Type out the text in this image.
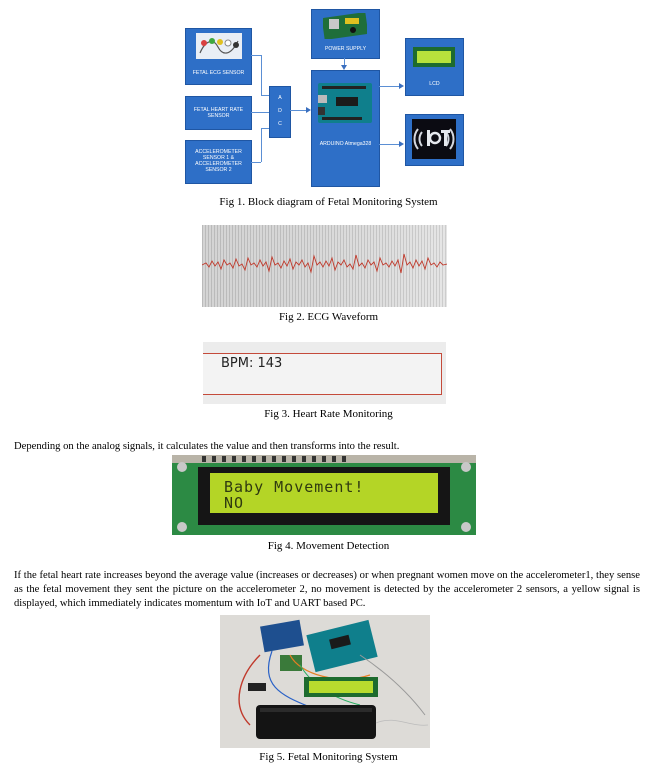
FETAL ECG SENSOR
FETAL HEART RATE SENSOR
ACCELEROMETER SENSOR 1 & ACCELEROMETER SENSOR 2
A
D
C
POWER SUPPLY
ARDUINO Atmega328
LCD
Fig 1. Block diagram of Fetal Monitoring System
Fig 2. ECG Waveform
BPM: 143
Fig 3. Heart Rate Monitoring
Depending on the analog signals, it calculates the value and then transforms into the result.
Baby Movement!
NO
Fig 4. Movement Detection
If the fetal heart rate increases beyond the average value (increases or decreases) or when pregnant women move on the accelerometer1, they sense as the fetal movement they sent the picture on the accelerometer 2, no movement is detected by the accelerometer 2 sensors, a yellow signal is displayed, which immediately indicates momentum with IoT and UART based PC.
Fig 5. Fetal Monitoring System
